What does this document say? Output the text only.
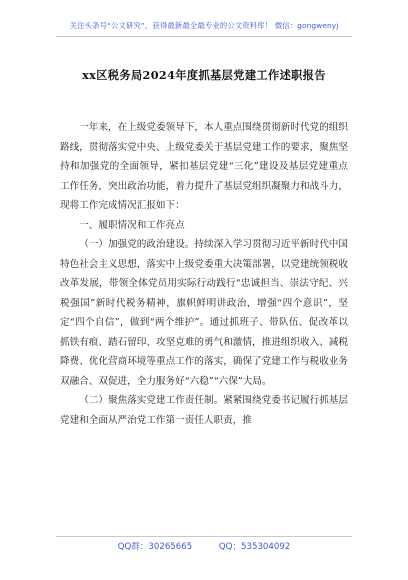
关注头条号“公文研究”，获得最新最全最专业的公文资料库！ 微信：gongwenyj
xx区税务局2024年度抓基层党建工作述职报告

一年来，在上级党委领导下，本人重点围绕贯彻新时代党的组织路线，贯彻落实党中央、上级党委关于基层党建工作的要求，聚焦坚持和加强党的全面领导，紧扣基层党建“三化”建设及基层党建重点工作任务，突出政治功能，着力提升了基层党组织凝聚力和战斗力，现将工作完成情况汇报如下：

一、履职情况和工作亮点

（一）加强党的政治建设。持续深入学习贯彻习近平新时代中国特色社会主义思想，落实中上级党委重大决策部署，以党建统领税收改革发展，带领全体党员用实际行动践行“忠诚担当、崇法守纪、兴税强国”新时代税务精神，旗帜鲜明讲政治，增强“四个意识”，坚定“四个自信”，做到“两个维护”。通过抓班子、带队伍、促改革以抓铁有痕、踏石留印、攻坚克难的勇气和激情，推进组织收入、减税降费、优化营商环境等重点工作的落实，确保了党建工作与税收业务双融合、双促进，全力服务好“六稳”“六保”大局。

（二）聚焦落实党建工作责任制。紧紧围绕党委书记履行抓基层党建和全面从严治党工作第一责任人职责，推

QQ群：30265665	QQ：535304092
